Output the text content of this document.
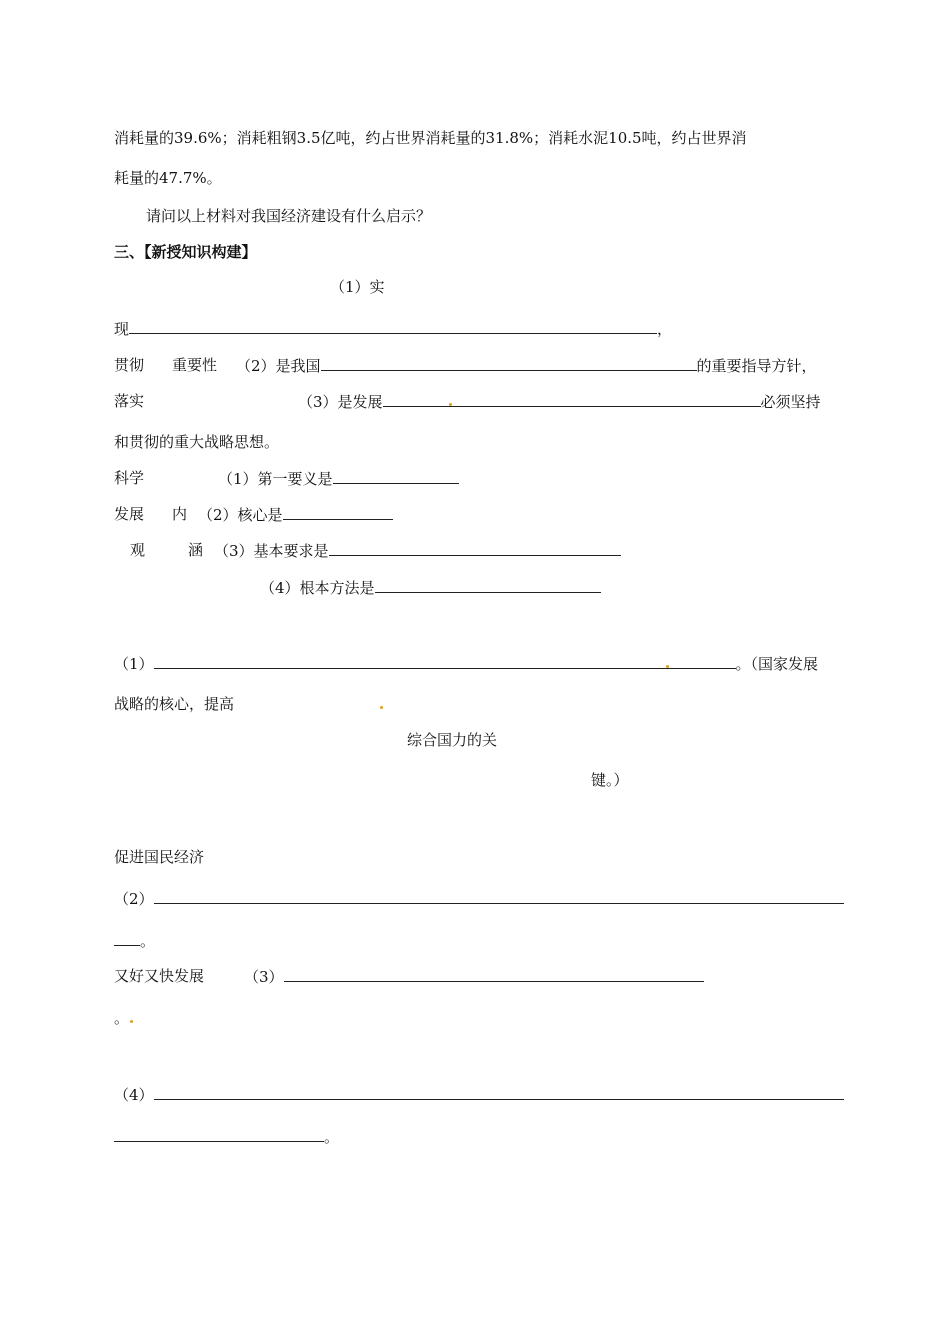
消耗量的39.6%；消耗粗钢3.5亿吨，约占世界消耗量的31.8%；消耗水泥10.5吨，约占世界消
耗量的47.7%。
请问以上材料对我国经济建设有什么启示？
三、【新授知识构建】
（1）实
现	，
贯彻 重要性 （2）是我国	的重要指导方针，
落实	（3）是发展	必须坚持
和贯彻的重大战略思想。
科学	（1）第一要义是
发展 内 （2）核心是
观	涵 （3）基本要求是
（4）根本方法是
（1）	。（国家发展
战略的核心，提高
综合国力的关
键。）
促进国民经济
（2）
。
又好又快发展	（3）
。
（4）
。
